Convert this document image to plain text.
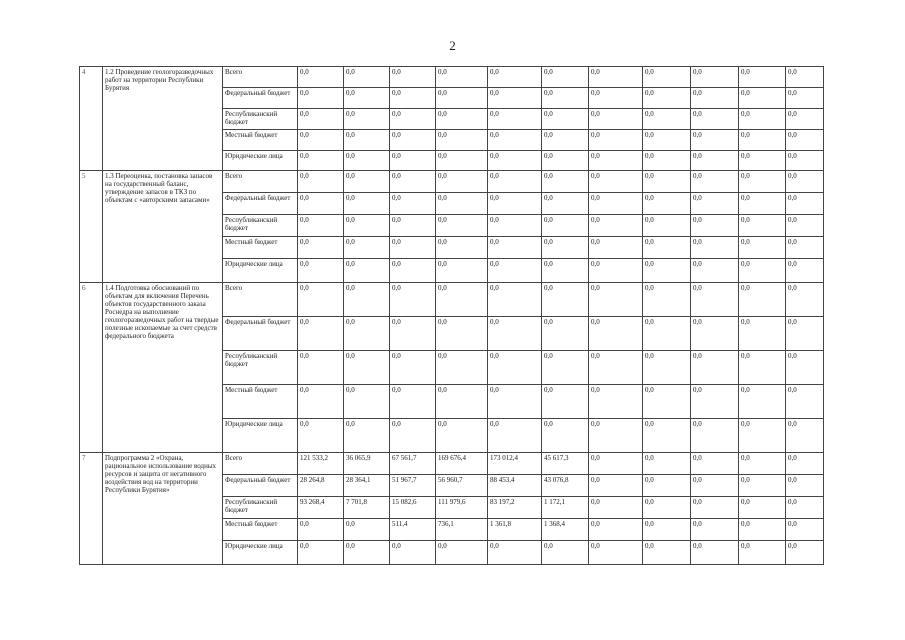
2
4	1.2 Проведение геологоразведочных работ на территории Республики Бурятия	Всего	0,0	0,0	0,0	0,0	0,0	0,0	0,0	0,0	0,0	0,0	0,0
		Федеральный бюджет	0,0	0,0	0,0	0,0	0,0	0,0	0,0	0,0	0,0	0,0	0,0
		Республиканский бюджет	0,0	0,0	0,0	0,0	0,0	0,0	0,0	0,0	0,0	0,0	0,0
		Местный бюджет	0,0	0,0	0,0	0,0	0,0	0,0	0,0	0,0	0,0	0,0	0,0
		Юридические лица	0,0	0,0	0,0	0,0	0,0	0,0	0,0	0,0	0,0	0,0	0,0
5	1.3 Переоценка, постановка запасов на государственный баланс, утверждение запасов в ТКЗ по объектам с «авторскими запасами»	Всего	0,0	0,0	0,0	0,0	0,0	0,0	0,0	0,0	0,0	0,0	0,0
		Федеральный бюджет	0,0	0,0	0,0	0,0	0,0	0,0	0,0	0,0	0,0	0,0	0,0
		Республиканский бюджет	0,0	0,0	0,0	0,0	0,0	0,0	0,0	0,0	0,0	0,0	0,0
		Местный бюджет	0,0	0,0	0,0	0,0	0,0	0,0	0,0	0,0	0,0	0,0	0,0
		Юридические лица	0,0	0,0	0,0	0,0	0,0	0,0	0,0	0,0	0,0	0,0	0,0
6	1.4 Подготовка обоснований по объектам для включения Перечень объектов государственного заказа Роснедра на выполнение геологоразведочных работ на твердые полезные ископаемые за счет средств федерального бюджета	Всего	0,0	0,0	0,0	0,0	0,0	0,0	0,0	0,0	0,0	0,0	0,0
		Федеральный бюджет	0,0	0,0	0,0	0,0	0,0	0,0	0,0	0,0	0,0	0,0	0,0
		Республиканский бюджет	0,0	0,0	0,0	0,0	0,0	0,0	0,0	0,0	0,0	0,0	0,0
		Местный бюджет	0,0	0,0	0,0	0,0	0,0	0,0	0,0	0,0	0,0	0,0	0,0
		Юридические лица	0,0	0,0	0,0	0,0	0,0	0,0	0,0	0,0	0,0	0,0	0,0
7	Подпрограмма 2 «Охрана, рациональное использование водных ресурсов и защита от негативного воздействия вод на территории Республики Бурятия»	Всего	121 533,2	36 065,9	67 561,7	169 676,4	173 012,4	45 617,3	0,0	0,0	0,0	0,0	0,0
		Федеральный бюджет	28 264,8	28 364,1	51 967,7	56 960,7	88 453,4	43 076,8	0,0	0,0	0,0	0,0	0,0
		Республиканский бюджет	93 268,4	7 701,8	15 082,6	111 979,6	83 197,2	1 172,1	0,0	0,0	0,0	0,0	0,0
		Местный бюджет	0,0	0,0	511,4	736,1	1 361,8	1 368,4	0,0	0,0	0,0	0,0	0,0
		Юридические лица	0,0	0,0	0,0	0,0	0,0	0,0	0,0	0,0	0,0	0,0	0,0
